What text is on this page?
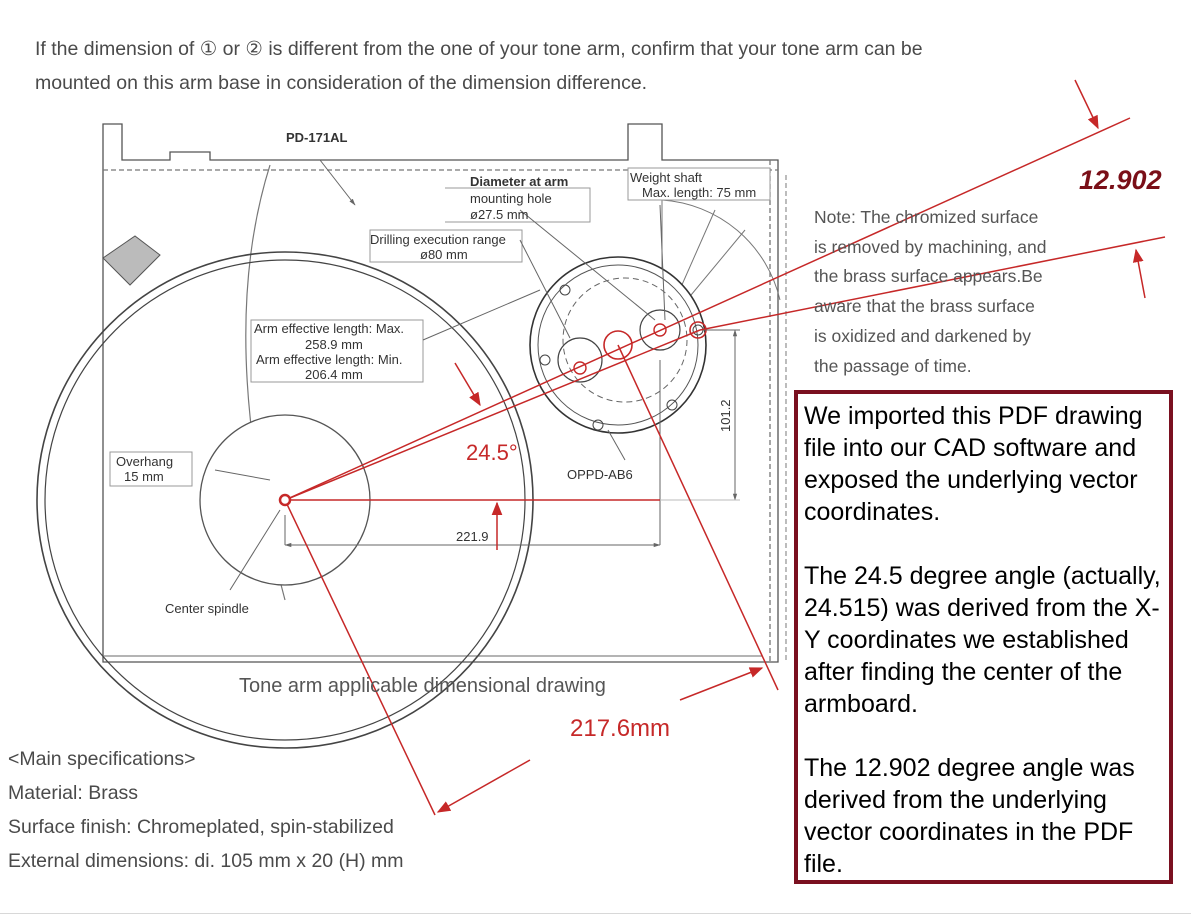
If the dimension of ① or ② is different from the one of your tone arm, confirm that your tone arm can be
mounted on this arm base in consideration of the dimension difference.
PD-171AL
Diameter at arm
mounting hole
ø27.5 mm
Drilling execution range
ø80 mm
Weight shaft
Max. length: 75 mm
Arm effective length: Max.
258.9 mm
Arm effective length: Min.
206.4 mm
Overhang
15 mm
Center spindle
OPPD-AB6
221.9
101.2
Note: The chromized surface
is removed by machining, and
the brass surface appears.Be
aware that the brass surface
is oxidized and darkened by
the passage of time.
12.902
24.5°
217.6mm
Tone arm applicable dimensional drawing
<Main specifications>
Material: Brass
Surface finish: Chromeplated, spin-stabilized
External dimensions: di. 105 mm x 20 (H) mm

We imported this PDF drawing file into our CAD software and exposed the underlying vector coordinates.

The 24.5 degree angle (actually, 24.515) was derived from the X-Y coordinates we established after finding the center of the armboard.

The 12.902 degree angle was derived from the underlying vector coordinates in the PDF file.
